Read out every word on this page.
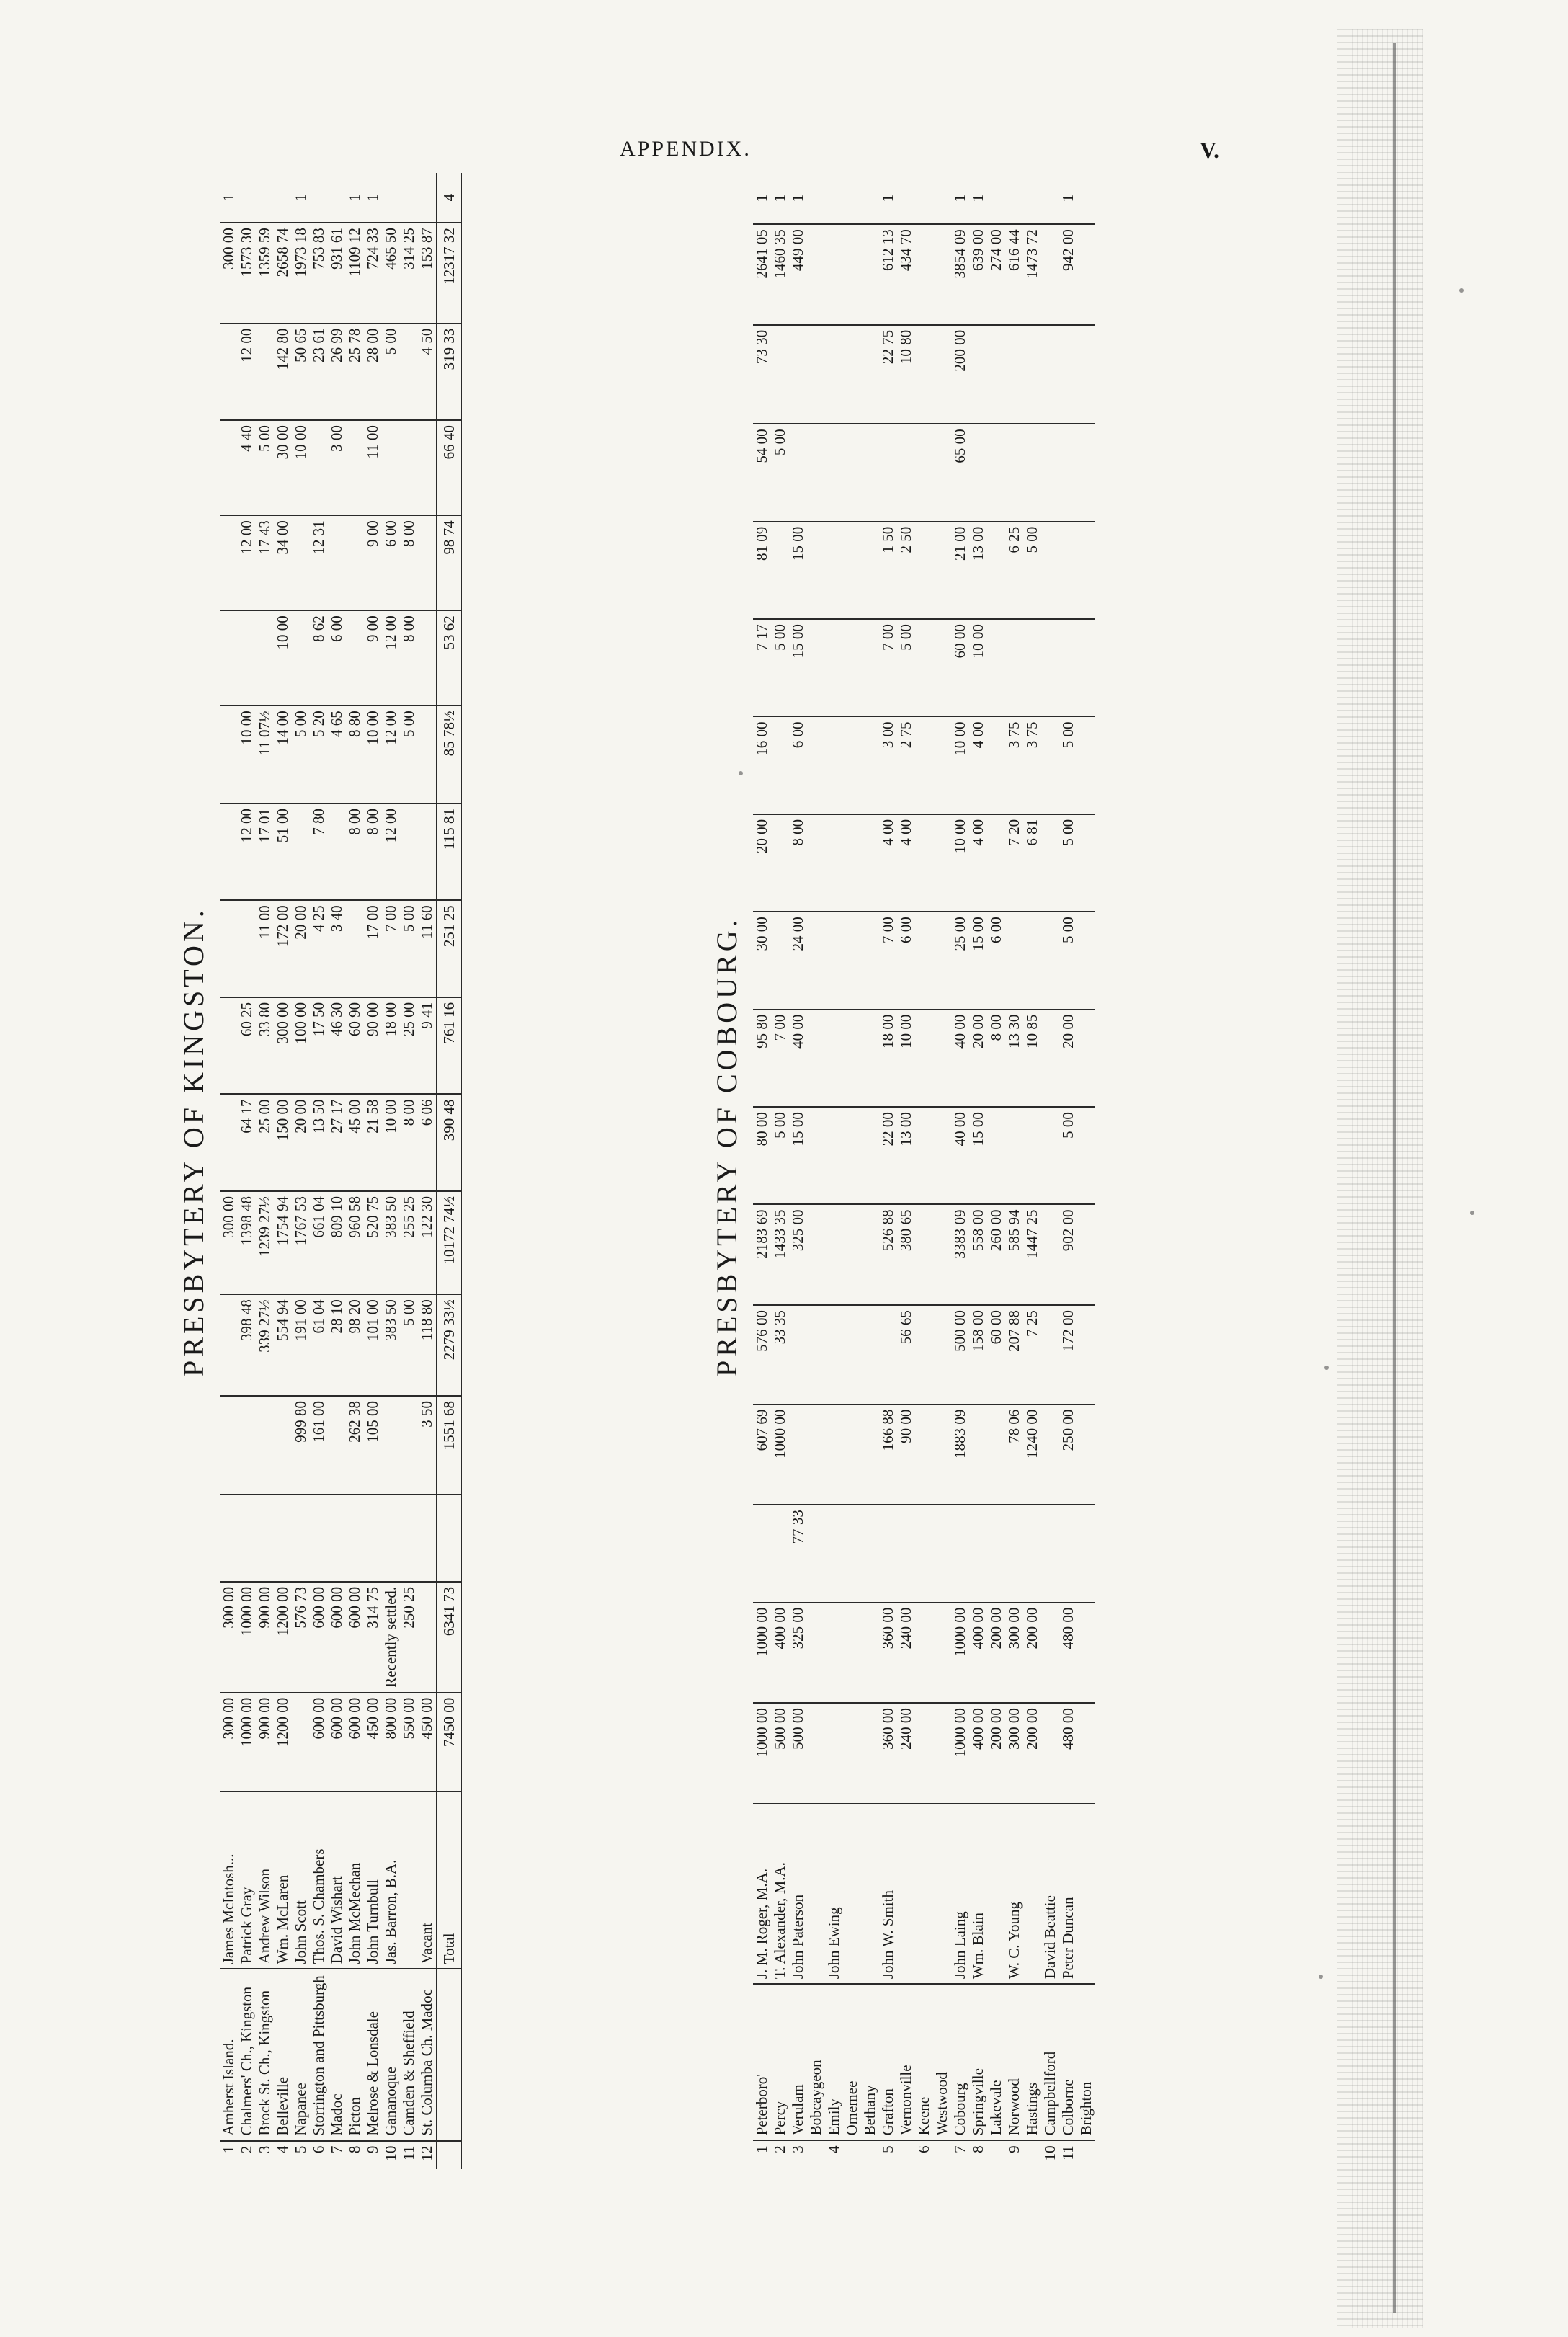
APPENDIX.	V.
PRESBYTERY OF KINGSTON.
1	Amherst Island.	James McIntosh...	300 00	300 00				300 00										300 00	1
2	Chalmers' Ch., Kingston	Patrick Gray	1000 00	1000 00			398 48	1398 48	64 17	60 25		12 00	10 00		12 00	4 40	12 00	1573 30	
3	Brock St. Ch., Kingston	Andrew Wilson	900 00	900 00			339 27½	1239 27½	25 00	33 80	11 00	17 01	11 07½		17 43	5 00		1359 59	
4	Belleville	Wm. McLaren	1200 00	1200 00			554 94	1754 94	150 00	300 00	172 00	51 00	14 00	10 00	34 00	30 00	142 80	2658 74	
5	Napanee	John Scott		576 73		999 80	191 00	1767 53	20 00	100 00	20 00		5 00			10 00	50 65	1973 18	1
6	Storrington and Pittsburgh	Thos. S. Chambers	600 00	600 00		161 00	61 04	661 04	13 50	17 50	4 25	7 80	5 20	8 62	12 31		23 61	753 83	
7	Madoc	David Wishart	600 00	600 00			28 10	809 10	27 17	46 30	3 40		4 65	6 00		3 00	26 99	931 61	
8	Picton	John McMechan	600 00	600 00		262 38	98 20	960 58	45 00	60 90		8 00	8 80				25 78	1109 12	1
9	Melrose & Lonsdale	John Turnbull	450 00	314 75		105 00	101 00	520 75	21 58	90 00	17 00	8 00	10 00	9 00	9 00	11 00	28 00	724 33	1
10	Gananoque	Jas. Barron, B.A.	800 00	Recently settled.			383 50	383 50	10 00	18 00	7 00	12 00	12 00	12 00	6 00		5 00	465 50	
11	Camden & Sheffield		550 00	250 25			5 00	255 25	8 00	25 00	5 00		5 00	8 00	8 00			314 25	
12	St. Columba Ch. Madoc	Vacant	450 00			3 50	118 80	122 30	6 06	9 41	11 60						4 50	153 87	
		Total	7450 00	6341 73		1551 68	2279 33½	10172 74½	390 48	761 16	251 25	115 81	85 78½	53 62	98 74	66 40	319 33	12317 32	4
PRESBYTERY OF COBOURG.
1	Peterboro'	J. M. Roger, M.A.	1000 00	1000 00		607 69	576 00	2183 69	80 00	95 80	30 00	20 00	16 00	7 17	81 09	54 00	73 30	2641 05	1
2	Percy	T. Alexander, M.A.	500 00	400 00		1000 00	33 35	1433 35	5 00	7 00				5 00		5 00		1460 35	1
3	Verulam	John Paterson	500 00	325 00	77 33			325 00	15 00	40 00	24 00	8 00	6 00	15 00	15 00			449 00	1
	Bobcaygeon																		
4	Emily	John Ewing																	
	Omemee																		
	Bethany																		
5	Grafton	John W. Smith	360 00	360 00		166 88		526 88	22 00	18 00	7 00	4 00	3 00	7 00	1 50		22 75	612 13	1
	Vernonville		240 00	240 00		90 00	56 65	380 65	13 00	10 00	6 00	4 00	2 75	5 00	2 50		10 80	434 70	
6	Keene																		
	Westwood																		
7	Cobourg	John Laing	1000 00	1000 00		1883 09	500 00	3383 09	40 00	40 00	25 00	10 00	10 00	60 00	21 00	65 00	200 00	3854 09	1
8	Springville	Wm. Blain	400 00	400 00			158 00	558 00	15 00	20 00	15 00	4 00	4 00	10 00	13 00			639 00	1
	Lakevale		200 00	200 00			60 00	260 00		8 00	6 00							274 00	
9	Norwood	W. C. Young	300 00	300 00		78 06	207 88	585 94		13 30		7 20	3 75		6 25			616 44	
	Hastings		200 00	200 00		1240 00	7 25	1447 25		10 85		6 81	3 75		5 00			1473 72	
10	Campbellford	David Beattie																	
11	Colborne	Peter Duncan	480 00	480 00		250 00	172 00	902 00	5 00	20 00	5 00	5 00	5 00					942 00	1
	Brighton																		
